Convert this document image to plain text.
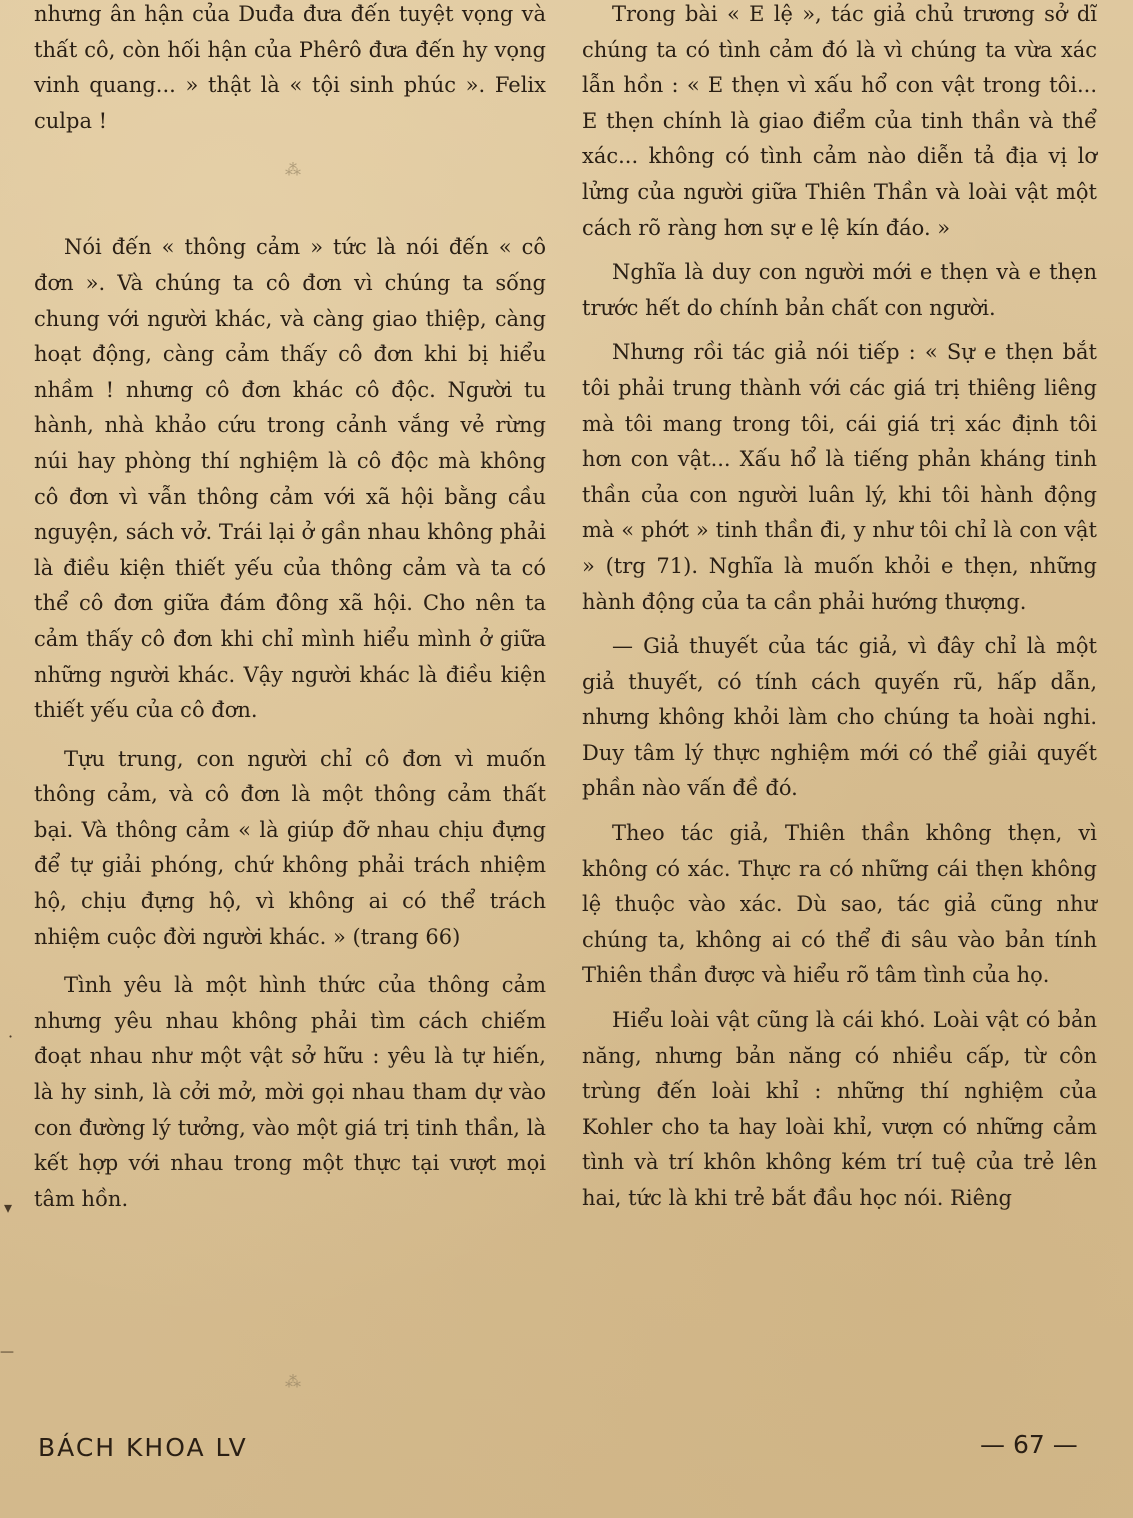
nhưng ân hận của Duđa đưa đến tuyệt vọng và thất cô, còn hối hận của Phêrô đưa đến hy vọng vinh quang... » thật là « tội sinh phúc ». Felix culpa !

Nói đến « thông cảm » tức là nói đến « cô đơn ». Và chúng ta cô đơn vì chúng ta sống chung với người khác, và càng giao thiệp, càng hoạt động, càng cảm thấy cô đơn khi bị hiểu nhầm ! nhưng cô đơn khác cô độc. Người tu hành, nhà khảo cứu trong cảnh vắng vẻ rừng núi hay phòng thí nghiệm là cô độc mà không cô đơn vì vẫn thông cảm với xã hội bằng cầu nguyện, sách vở. Trái lại ở gần nhau không phải là điều kiện thiết yếu của thông cảm và ta có thể cô đơn giữa đám đông xã hội. Cho nên ta cảm thấy cô đơn khi chỉ mình hiểu mình ở giữa những người khác. Vậy người khác là điều kiện thiết yếu của cô đơn.

Tựu trung, con người chỉ cô đơn vì muốn thông cảm, và cô đơn là một thông cảm thất bại. Và thông cảm « là giúp đỡ nhau chịu đựng để tự giải phóng, chứ không phải trách nhiệm hộ, chịu đựng hộ, vì không ai có thể trách nhiệm cuộc đời người khác. » (trang 66)

Tình yêu là một hình thức của thông cảm nhưng yêu nhau không phải tìm cách chiếm đoạt nhau như một vật sở hữu : yêu là tự hiến, là hy sinh, là cởi mở, mời gọi nhau tham dự vào con đường lý tưởng, vào một giá trị tinh thần, là kết hợp với nhau trong một thực tại vượt mọi tâm hồn.

⁂
⁂

Trong bài « E lệ », tác giả chủ trương sở dĩ chúng ta có tình cảm đó là vì chúng ta vừa xác lẫn hồn : « E thẹn vì xấu hổ con vật trong tôi... E thẹn chính là giao điểm của tinh thần và thể xác... không có tình cảm nào diễn tả địa vị lơ lửng của người giữa Thiên Thần và loài vật một cách rõ ràng hơn sự e lệ kín đáo. »

Nghĩa là duy con người mới e thẹn và e thẹn trước hết do chính bản chất con người.

Nhưng rồi tác giả nói tiếp : « Sự e thẹn bắt tôi phải trung thành với các giá trị thiêng liêng mà tôi mang trong tôi, cái giá trị xác định tôi hơn con vật... Xấu hổ là tiếng phản kháng tinh thần của con người luân lý, khi tôi hành động mà « phớt » tinh thần đi, y như tôi chỉ là con vật » (trg 71). Nghĩa là muốn khỏi e thẹn, những hành động của ta cần phải hướng thượng.

— Giả thuyết của tác giả, vì đây chỉ là một giả thuyết, có tính cách quyến rũ, hấp dẫn, nhưng không khỏi làm cho chúng ta hoài nghi. Duy tâm lý thực nghiệm mới có thể giải quyết phần nào vấn đề đó.

Theo tác giả, Thiên thần không thẹn, vì không có xác. Thực ra có những cái thẹn không lệ thuộc vào xác. Dù sao, tác giả cũng như chúng ta, không ai có thể đi sâu vào bản tính Thiên thần được và hiểu rõ tâm tình của họ.

Hiểu loài vật cũng là cái khó. Loài vật có bản năng, nhưng bản năng có nhiều cấp, từ côn trùng đến loài khỉ : những thí nghiệm của Kohler cho ta hay loài khỉ, vượn có những cảm tình và trí khôn không kém trí tuệ của trẻ lên hai, tức là khi trẻ bắt đầu học nói. Riêng

·
▾
—
BÁCH KHOA LV	— 67 —
